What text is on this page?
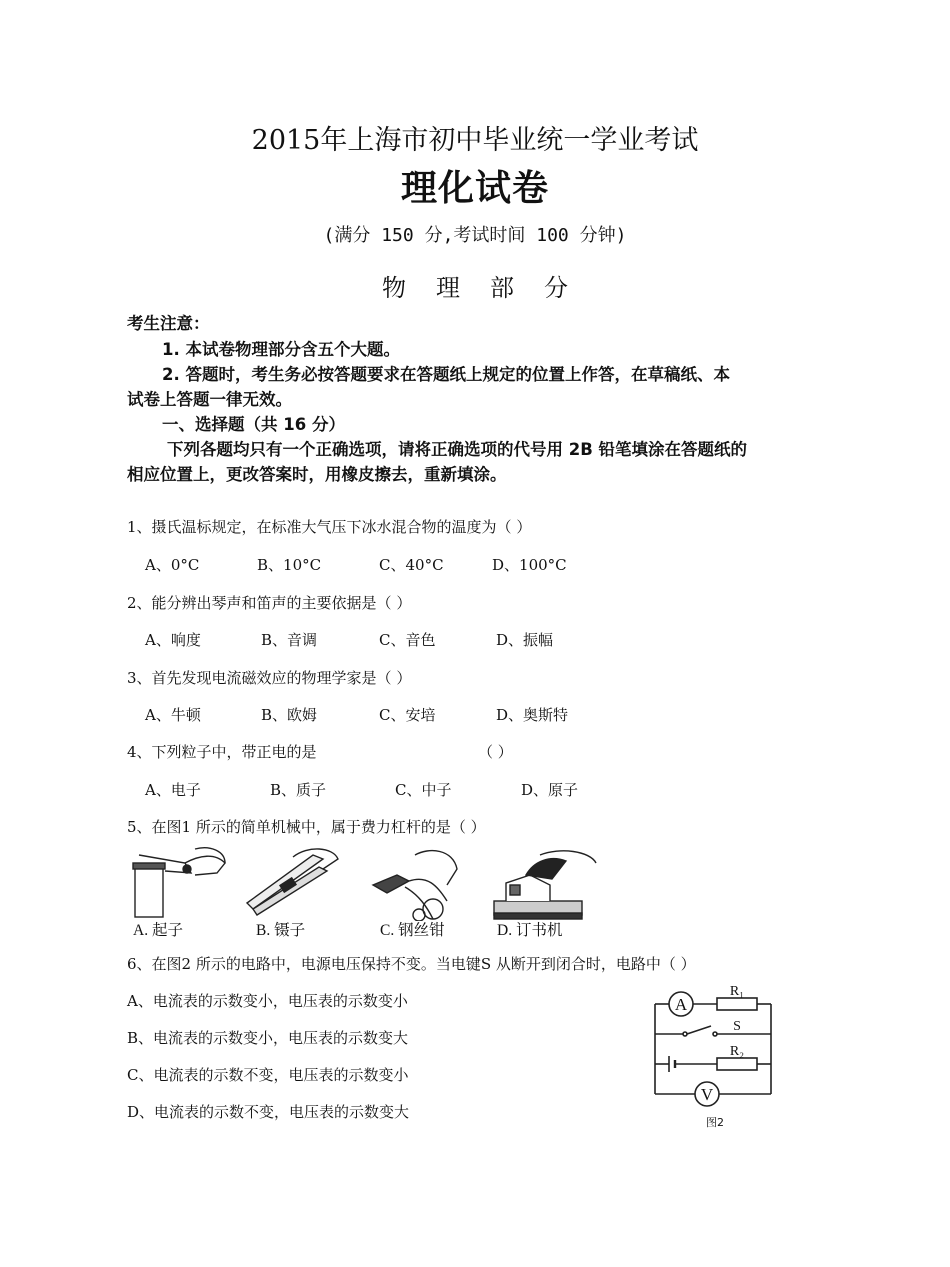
2015年上海市初中毕业统一学业考试
理化试卷
(满分 150 分,考试时间 100 分钟)
物理部分
考生注意：
1. 本试卷物理部分含五个大题。
2. 答题时，考生务必按答题要求在答题纸上规定的位置上作答，在草稿纸、本
试卷上答题一律无效。
一、选择题（共 16 分）
下列各题均只有一个正确选项，请将正确选项的代号用 2B 铅笔填涂在答题纸的
相应位置上，更改答案时，用橡皮擦去，重新填涂。
1、摄氏温标规定，在标准大气压下冰水混合物的温度为（ ）
A、0°C	B、10°C	C、40°C	D、100°C
2、能分辨出琴声和笛声的主要依据是（ ）
A、响度	B、音调	C、音色	D、振幅
3、首先发现电流磁效应的物理学家是（ ）
A、牛顿	B、欧姆	C、安培	D、奥斯特
4、下列粒子中，带正电的是	（ ）
A、电子	B、质子	C、中子	D、原子
5、在图1 所示的简单机械中，属于费力杠杆的是（ ）
A. 起子	B. 镊子	C. 钢丝钳	D. 订书机
6、在图2 所示的电路中，电源电压保持不变。当电键S 从断开到闭合时，电路中（ ）
A、电流表的示数变小，电压表的示数变小
B、电流表的示数变小，电压表的示数变大
C、电流表的示数不变，电压表的示数变小
D、电流表的示数不变，电压表的示数变大
A
R₁
S
R₂
V
图2
